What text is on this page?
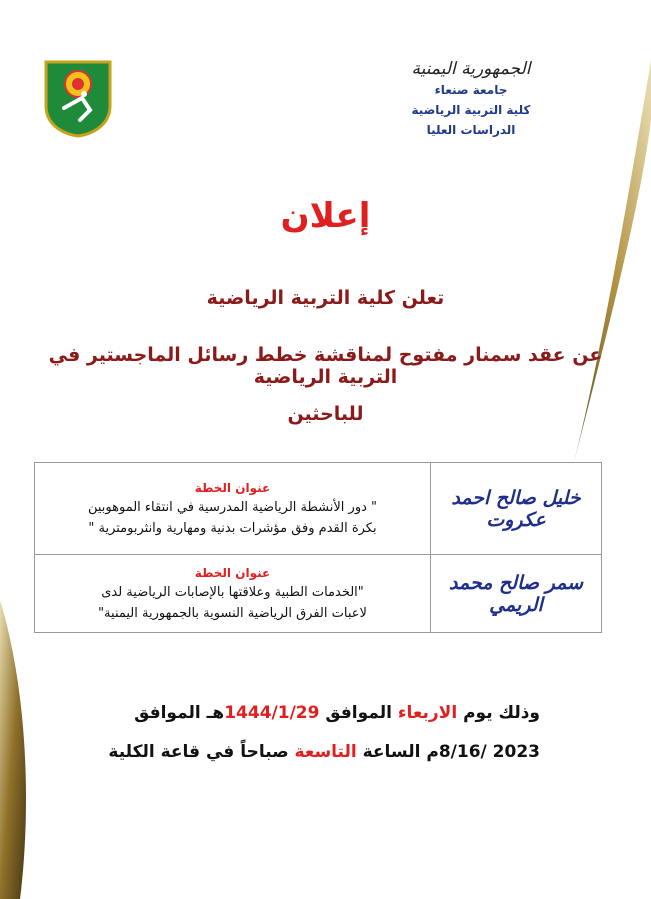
الجمهورية اليمنية
جامعة صنعاء
كلية التربية الرياضية
الدراسات العليا
إعلان
تعلن كلية التربية الرياضية
عن عقد سمنار مفتوح لمناقشة خطط رسائل الماجستير في التربية الرياضية
للباحثين
خليل صالح احمد عكروت	عنوان الخطة
" دور الأنشطة الرياضية المدرسية في انتقاء الموهوبين
بكرة القدم وفق مؤشرات بدنية ومهارية وانثربومترية "

سمر صالح محمد الريمي	عنوان الخطة
"الخدمات الطبية وعلاقتها بالإصابات الرياضية لدى
لاعبات الفرق الرياضية النسوية بالجمهورية اليمنية"
وذلك يوم الاربعاء الموافق 1444/1/29هـ الموافق
2023 /8/16م الساعة التاسعة صباحاً في قاعة الكلية
